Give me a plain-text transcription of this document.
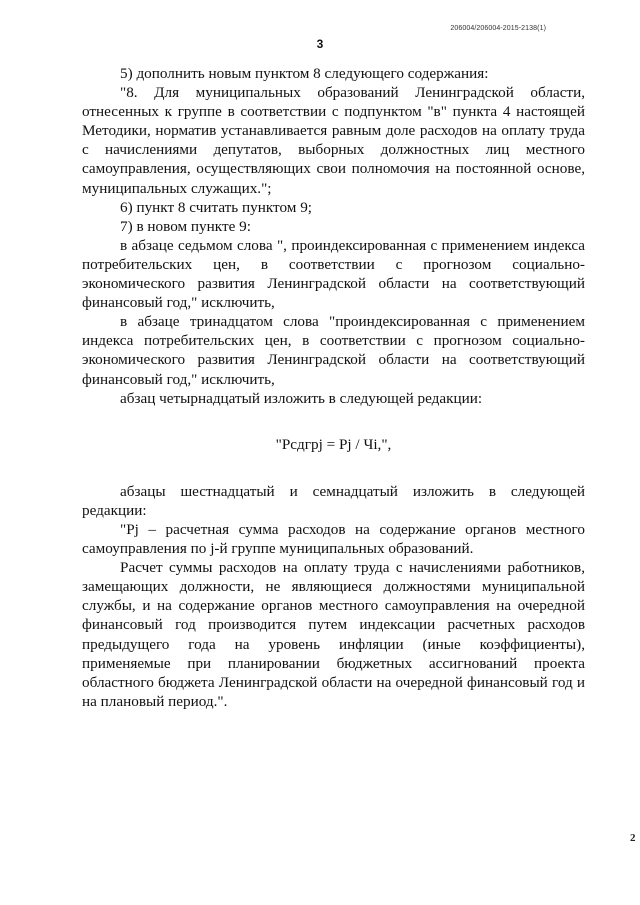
206004/206004-2015-2138(1)
3

5) дополнить новым пунктом 8 следующего содержания:

"8. Для муниципальных образований Ленинградской области, отнесенных к группе в соответствии с подпунктом "в" пункта 4 настоящей Методики, норматив устанавливается равным доле расходов на оплату труда с начислениями депутатов, выборных должностных лиц местного самоуправления, осуществляющих свои полномочия на постоянной основе, муниципальных служащих.";

6) пункт 8 считать пунктом 9;

7) в новом пункте 9:

в абзаце седьмом слова ", проиндексированная с применением индекса потребительских цен, в соответствии с прогнозом социально-экономического развития Ленинградской области на соответствующий финансовый год," исключить,

в абзаце тринадцатом слова "проиндексированная с применением индекса потребительских цен, в соответствии с прогнозом социально-экономического развития Ленинградской области на соответствующий финансовый год," исключить,

абзац четырнадцатый изложить в следующей редакции:

"Pсдгрj = Pj / Чi,",

абзацы шестнадцатый и семнадцатый изложить в следующей редакции:

"Pj – расчетная сумма расходов на содержание органов местного самоуправления по j-й группе муниципальных образований.

Расчет суммы расходов на оплату труда с начислениями работников, замещающих должности, не являющиеся должностями муниципальной службы, и на содержание органов местного самоуправления на очередной финансовый год производится путем индексации расчетных расходов предыдущего года на уровень инфляции (иные коэффициенты), применяемые при планировании бюджетных ассигнований проекта областного бюджета Ленинградской области на очередной финансовый год и на плановый период.".

2
